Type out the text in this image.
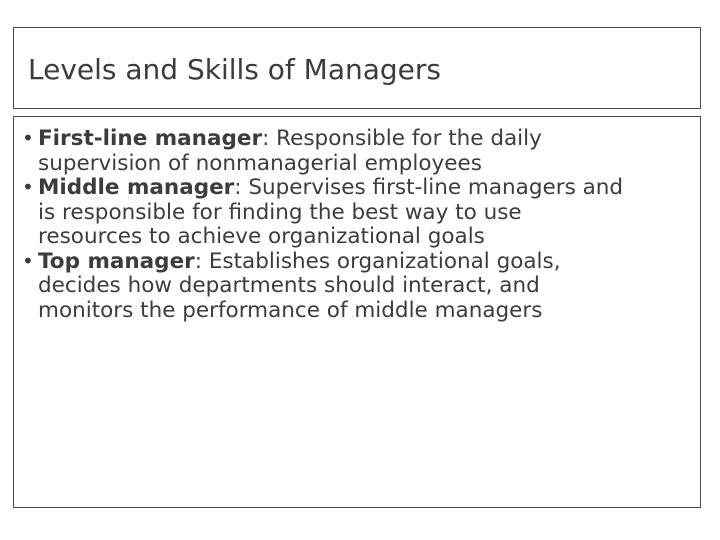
Levels and Skills of Managers
• First-line manager: Responsible for the daily
supervision of nonmanagerial employees
• Middle manager: Supervises first-line managers and
is responsible for finding the best way to use
resources to achieve organizational goals
• Top manager: Establishes organizational goals,
decides how departments should interact, and
monitors the performance of middle managers
